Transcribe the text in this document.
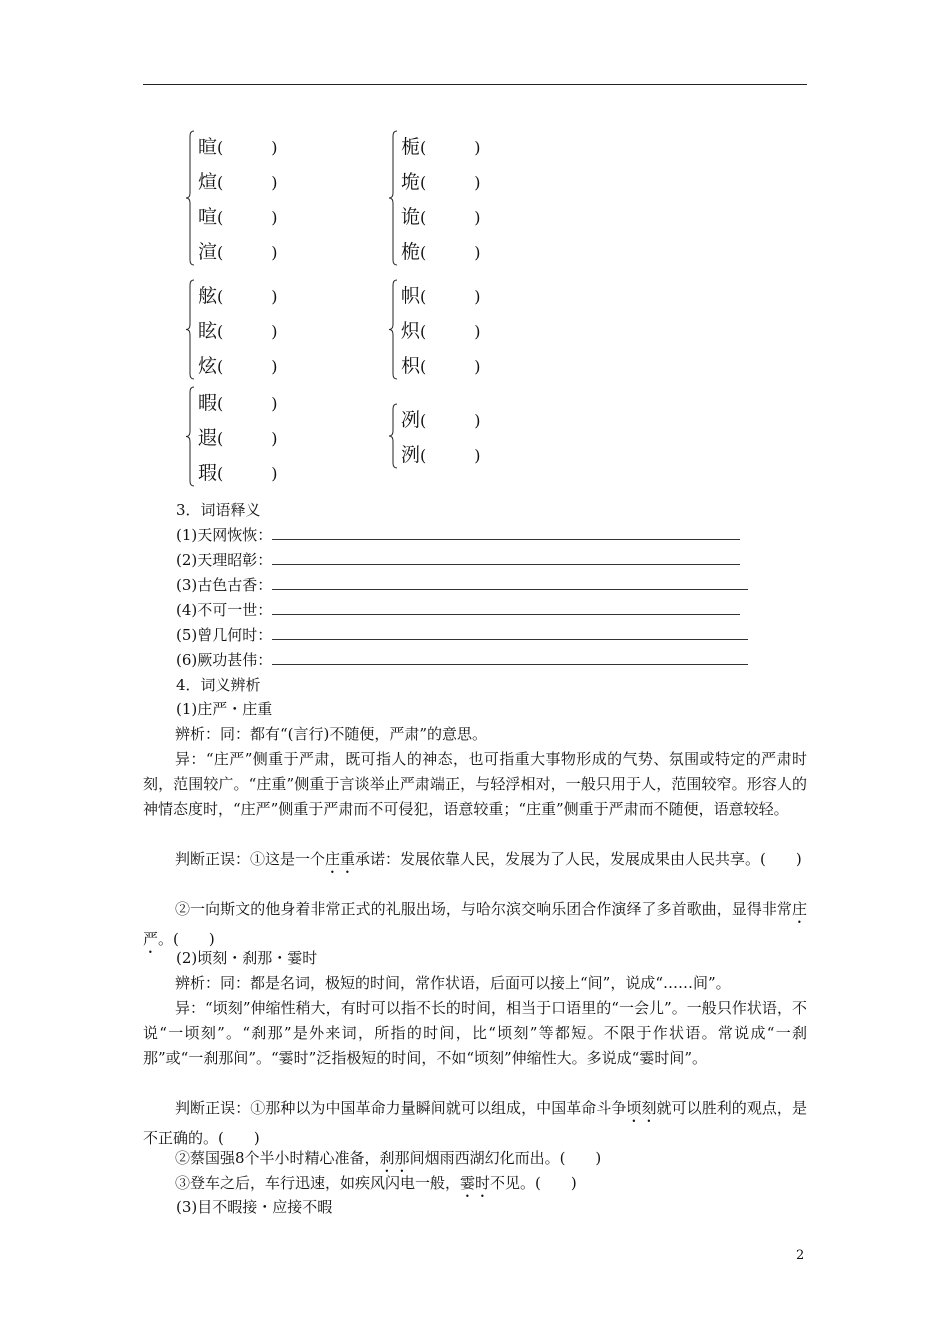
暄(　　　)
煊(　　　)
喧(　　　)
渲(　　　)
栀(　　　)
垝(　　　)
诡(　　　)
桅(　　　)
舷(　　　)
眩(　　　)
炫(　　　)
帜(　　　)
炽(　　　)
枳(　　　)
暇(　　　)
遐(　　　)
瑕(　　　)
冽(　　　)
洌(　　　)
3．词语释义
(1)天网恢恢：
(2)天理昭彰：
(3)古色古香：
(4)不可一世：
(5)曾几何时：
(6)厥功甚伟：
4．词义辨析
(1)庄严・庄重
辨析：同：都有“(言行)不随便，严肃”的意思。
异：“庄严”侧重于严肃，既可指人的神态，也可指重大事物形成的气势、氛围或特定的严肃时刻，范围较广。“庄重”侧重于言谈举止严肃端正，与轻浮相对，一般只用于人，范围较窄。形容人的神情态度时，“庄严”侧重于严肃而不可侵犯，语意较重；“庄重”侧重于严肃而不随便，语意较轻。
判断正误：①这是一个庄重承诺：发展依靠人民，发展为了人民，发展成果由人民共享。(　　)
②一向斯文的他身着非常正式的礼服出场，与哈尔滨交响乐团合作演绎了多首歌曲，显得非常庄严。(　　)
(2)顷刻・刹那・霎时
辨析：同：都是名词，极短的时间，常作状语，后面可以接上“间”，说成“……间”。
异：“顷刻”伸缩性稍大，有时可以指不长的时间，相当于口语里的“一会儿”。一般只作状语，不说“一顷刻”。“刹那”是外来词，所指的时间，比“顷刻”等都短。不限于作状语。常说成“一刹那”或“一刹那间”。“霎时”泛指极短的时间，不如“顷刻”伸缩性大。多说成“霎时间”。
判断正误：①那种以为中国革命力量瞬间就可以组成，中国革命斗争顷刻就可以胜利的观点，是不正确的。(　　)
②蔡国强8个半小时精心准备，刹那间烟雨西湖幻化而出。(　　)
③登车之后，车行迅速，如疾风闪电一般，霎时不见。(　　)
(3)目不暇接・应接不暇
2
